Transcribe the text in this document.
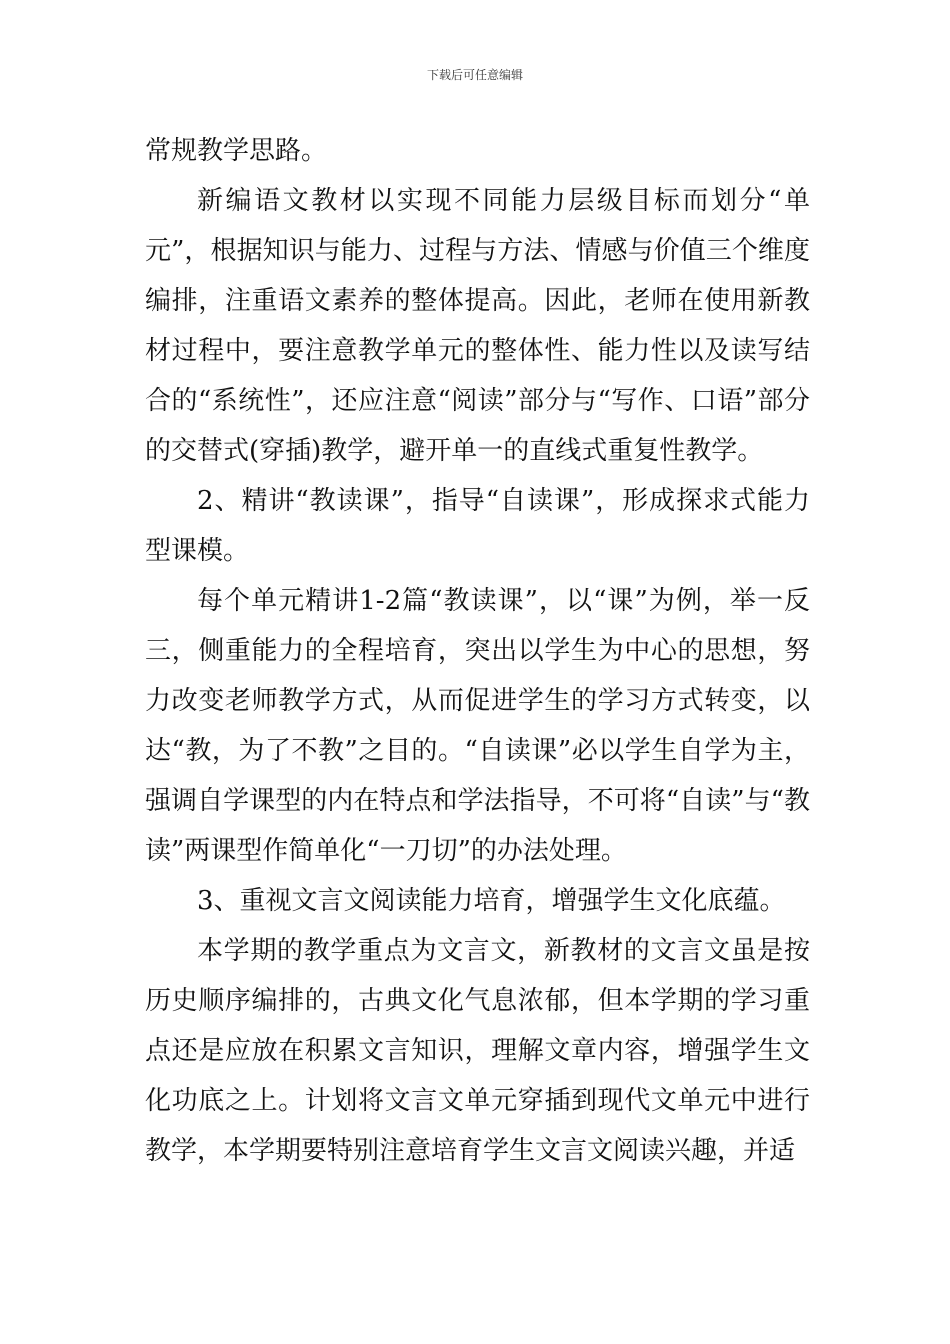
下载后可任意编辑

常规教学思路。

新编语文教材以实现不同能力层级目标而划分“单元”，根据知识与能力、过程与方法、情感与价值三个维度编排，注重语文素养的整体提高。因此，老师在使用新教材过程中，要注意教学单元的整体性、能力性以及读写结合的“系统性”，还应注意“阅读”部分与“写作、口语”部分的交替式(穿插)教学，避开单一的直线式重复性教学。

2、精讲“教读课”，指导“自读课”，形成探求式能力型课模。

每个单元精讲1-2篇“教读课”，以“课”为例，举一反三，侧重能力的全程培育，突出以学生为中心的思想，努力改变老师教学方式，从而促进学生的学习方式转变，以达“教，为了不教”之目的。“自读课”必以学生自学为主，强调自学课型的内在特点和学法指导，不可将“自读”与“教读”两课型作简单化“一刀切”的办法处理。

3、重视文言文阅读能力培育，增强学生文化底蕴。

本学期的教学重点为文言文，新教材的文言文虽是按历史顺序编排的，古典文化气息浓郁，但本学期的学习重点还是应放在积累文言知识，理解文章内容，增强学生文化功底之上。计划将文言文单元穿插到现代文单元中进行教学，本学期要特别注意培育学生文言文阅读兴趣，并适
